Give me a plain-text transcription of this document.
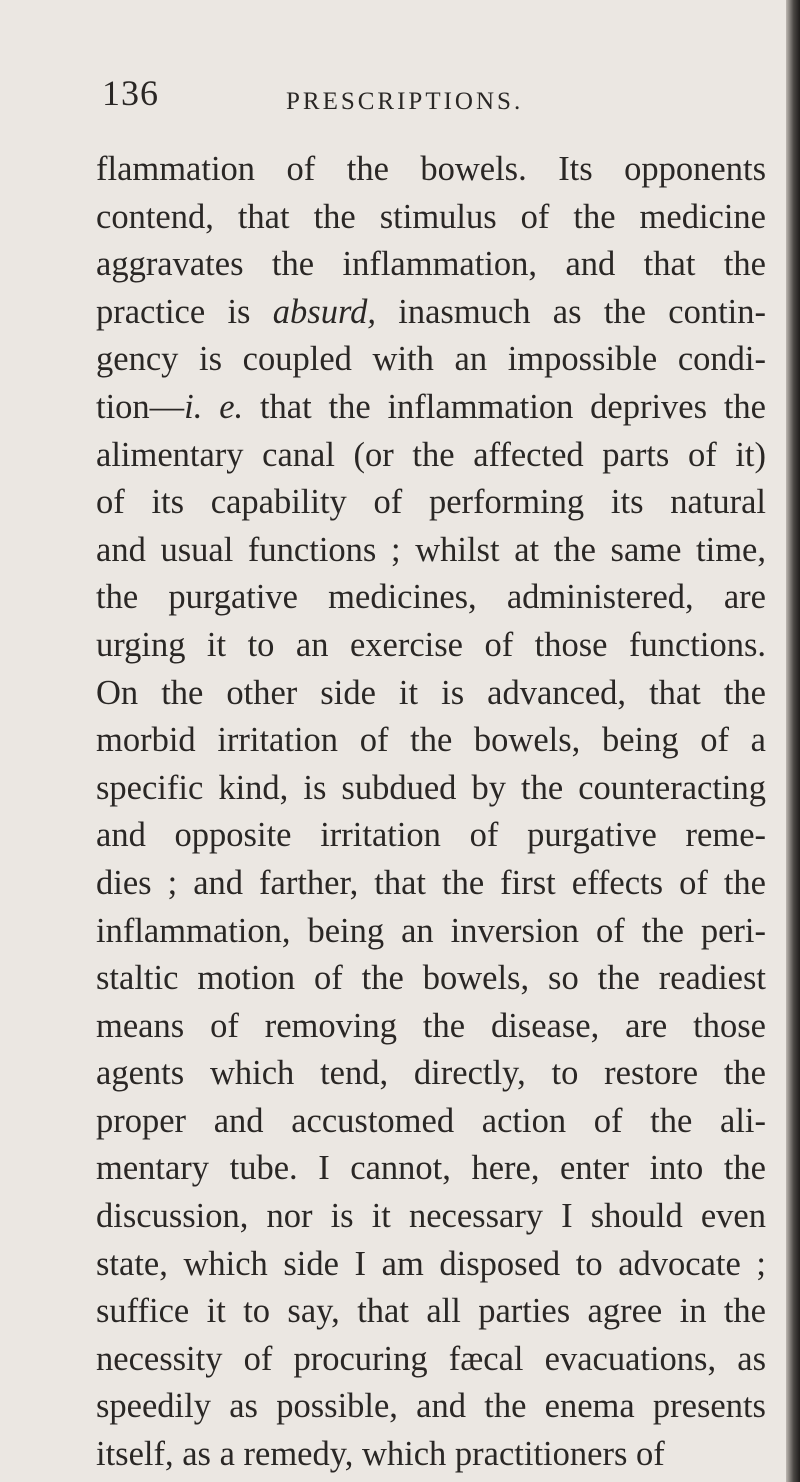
136	PRESCRIPTIONS.
flammation of the bowels. Its opponents
contend, that the stimulus of the medicine
aggravates the inflammation, and that the
practice is absurd, inasmuch as the contin-
gency is coupled with an impossible condi-
tion—i. e. that the inflammation deprives the
alimentary canal (or the affected parts of it)
of its capability of performing its natural
and usual functions ; whilst at the same time,
the purgative medicines, administered, are
urging it to an exercise of those functions.
On the other side it is advanced, that the
morbid irritation of the bowels, being of a
specific kind, is subdued by the counteracting
and opposite irritation of purgative reme-
dies ; and farther, that the first effects of the
inflammation, being an inversion of the peri-
staltic motion of the bowels, so the readiest
means of removing the disease, are those
agents which tend, directly, to restore the
proper and accustomed action of the ali-
mentary tube. I cannot, here, enter into the
discussion, nor is it necessary I should even
state, which side I am disposed to advocate ;
suffice it to say, that all parties agree in the
necessity of procuring fæcal evacuations, as
speedily as possible, and the enema presents
itself, as a remedy, which practitioners of
